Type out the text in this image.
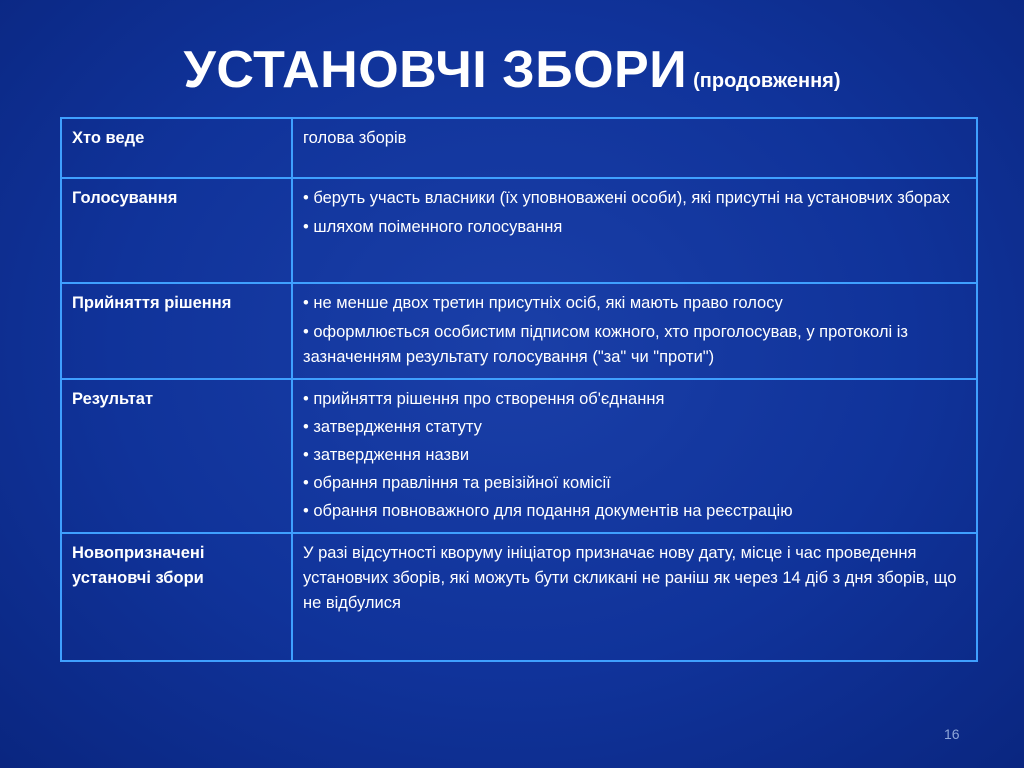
УСТАНОВЧІ ЗБОРИ (продовження)
Хто веде	голова зборів

Голосування	• беруть участь власники (їх уповноважені особи), які присутні на установчих зборах
• шляхом поіменного голосування

Прийняття рішення	• не менше двох третин присутніх осіб, які мають право голосу
• оформлюється особистим підписом кожного, хто проголосував, у протоколі із зазначенням результату голосування ("за" чи "проти")

Результат	• прийняття рішення про створення об'єднання
• затвердження статуту
• затвердження назви
• обрання правління та ревізійної комісії
• обрання повноважного для подання документів на реєстрацію

Новопризначені установчі збори	У разі відсутності кворуму ініціатор призначає нову дату, місце і час проведення установчих зборів, які можуть бути скликані не раніш як через 14 діб з дня зборів, що не відбулися
16
